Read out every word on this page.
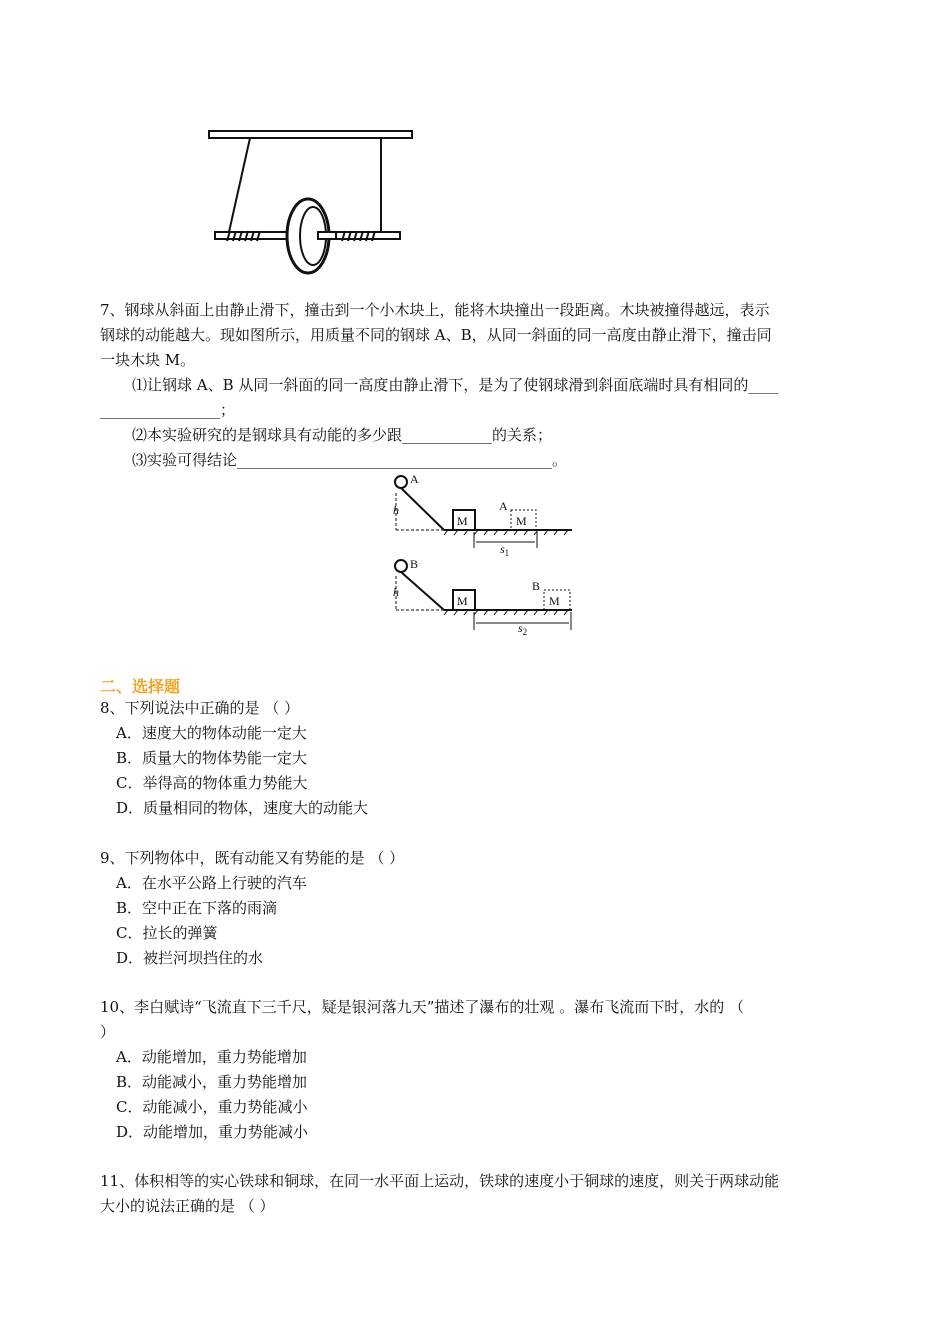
7、钢球从斜面上由静止滑下，撞击到一个小木块上，能将木块撞出一段距离。木块被撞得越远，表示
钢球的动能越大。现如图所示，用质量不同的钢球 A、B，从同一斜面的同一高度由静止滑下，撞击同
一块木块 M。
⑴让钢球 A、B 从同一斜面的同一高度由静止滑下，是为了使钢球滑到斜面底端时具有相同的____
________________；
⑵本实验研究的是钢球具有动能的多少跟____________的关系；
⑶实验可得结论__________________________________________。
A
h
M
A
M
$s_1$
B
h
M
B
M
$s_2$
二、选择题
8、下列说法中正确的是 （ ）
A．速度大的物体动能一定大
B．质量大的物体势能一定大
C．举得高的物体重力势能大
D．质量相同的物体，速度大的动能大
9、下列物体中，既有动能又有势能的是 （ ）
A．在水平公路上行驶的汽车
B．空中正在下落的雨滴
C．拉长的弹簧
D．被拦河坝挡住的水
10、李白赋诗“飞流直下三千尺，疑是银河落九天”描述了瀑布的壮观 。瀑布飞流而下时，水的 （
）
A．动能增加，重力势能增加
B．动能减小，重力势能增加
C．动能减小，重力势能减小
D．动能增加，重力势能减小
11、体积相等的实心铁球和铜球，在同一水平面上运动，铁球的速度小于铜球的速度，则关于两球动能
大小的说法正确的是 （ ）
